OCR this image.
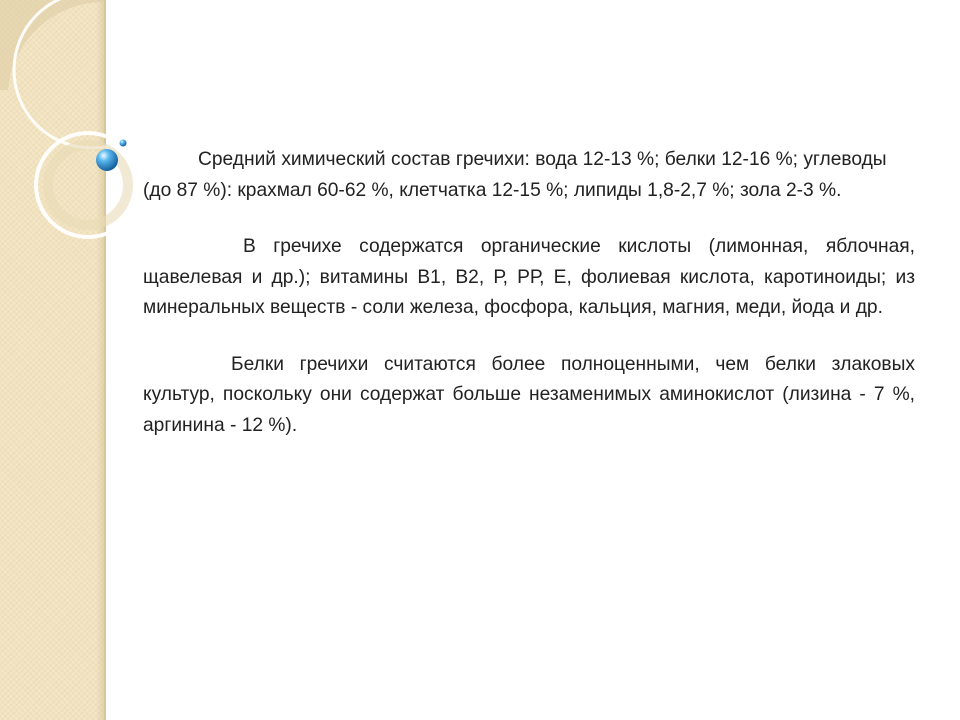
Средний химический состав гречихи: вода 12-13 %; белки 12-16 %; углеводы (до 87 %): крахмал 60-62 %, клетчатка 12-15 %; липиды 1,8-2,7 %; зола 2-3 %.

В гречихе содержатся органические кислоты (лимонная, яблочная, щавелевая и др.); витамины В1, В2, Р, РР, Е, фолиевая кислота, каротиноиды; из минеральных веществ - соли железа, фосфора, кальция, магния, меди, йода и др.

Белки гречихи считаются более полноценными, чем белки злаковых культур, поскольку они содержат больше незаменимых аминокислот (лизина - 7 %, аргинина - 12 %).
